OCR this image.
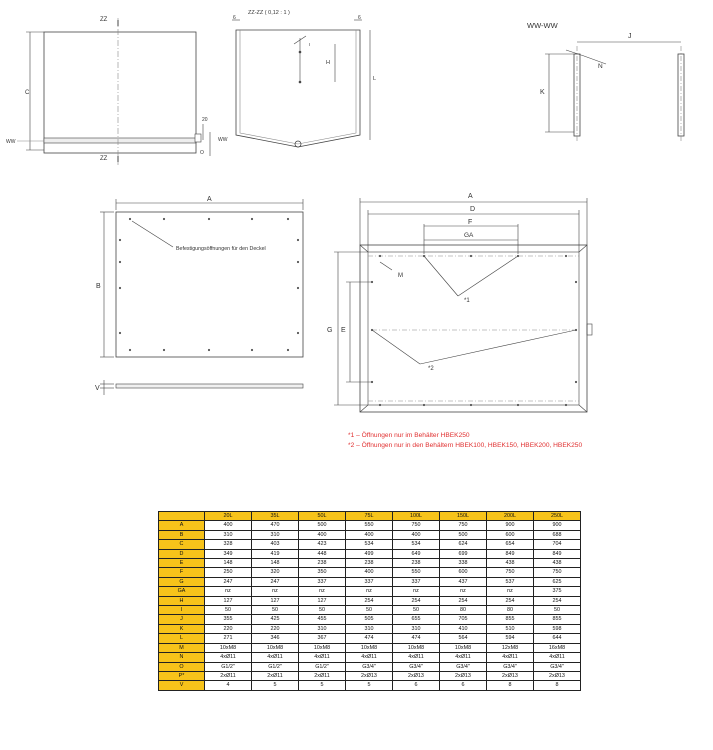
ZZ
ZZ
ZZ-ZZ ( 0,12 : 1 )
WW-WW
WW	WW
C
20
O
6	6
H
I
L
J
K
N
A
B
V
Befestigungsöffnungen für den Deckel
A
D
F
GA
M
G E
*1
*2
*1 – Öffnungen nur im Behälter HBEK250
*2 – Öffnungen nur in den Behältern HBEK100, HBEK150, HBEK200, HBEK250
	20L	35L	50L	75L	100L	150L	200L	250L
A	400	470	500	550	750	750	900	900
B	310	310	400	400	400	500	600	688
C	328	403	423	534	534	624	654	704
D	349	419	448	499	649	699	849	849
E	148	148	238	238	238	338	438	438
F	250	320	350	400	550	600	750	750
G	247	247	337	337	337	437	537	625
GA	nz	nz	nz	nz	nz	nz	nz	375
H	127	127	127	254	254	254	254	254
I	50	50	50	50	50	80	80	50
J	355	425	455	505	655	705	855	855
K	220	220	310	310	310	410	510	598
L	271	346	367	474	474	564	594	644
M	10xM8	10xM8	10xM8	10xM8	10xM8	10xM8	12xM8	16xM8
N	4xØ11	4xØ11	4xØ11	4xØ11	4xØ11	4xØ11	4xØ11	4xØ11
O	G1/2"	G1/2"	G1/2"	G3/4"	G3/4"	G3/4"	G3/4"	G3/4"
P*	2xØ11	2xØ11	2xØ11	2xØ13	2xØ13	2xØ13	2xØ13	2xØ13
V	4	5	5	5	6	6	8	8
